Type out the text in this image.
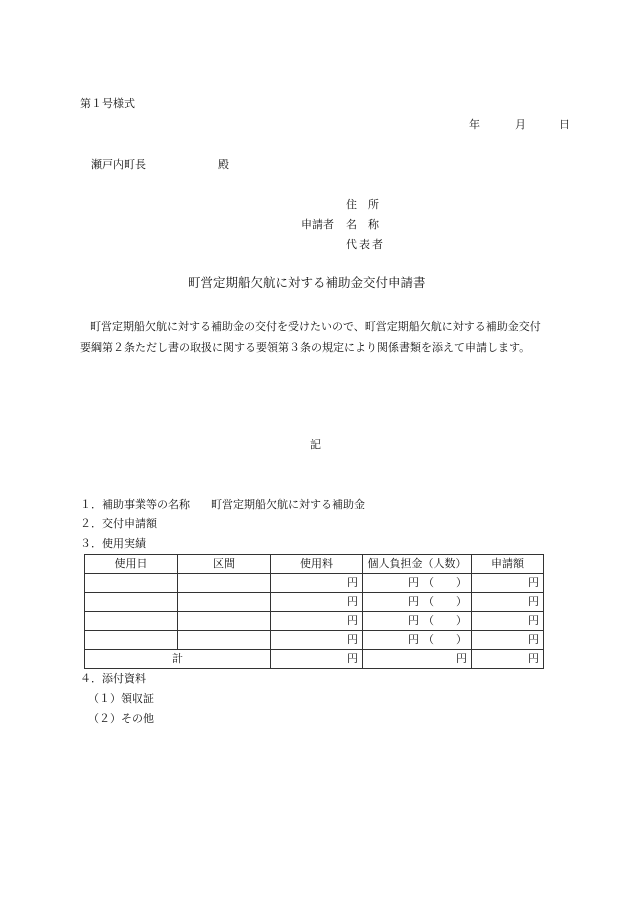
第１号様式
年	月	日
瀬戸内町長	殿
住　所
申請者 名　称
代表者
町営定期船欠航に対する補助金交付申請書
町営定期船欠航に対する補助金の交付を受けたいので、町営定期船欠航に対する補助金交付要綱第２条ただし書の取扱に関する要領第３条の規定により関係書類を添えて申請します。
記
１．補助事業等の名称 町営定期船欠航に対する補助金
２．交付申請額
３．使用実績
使用日	区間	使用料	個人負担金（人数）	申請額
		円	円 （ ）	円
		円	円 （ ）	円
		円	円 （ ）	円
		円	円 （ ）	円
計		円	円	円
４．添付資料
（１）領収証
（２）その他
